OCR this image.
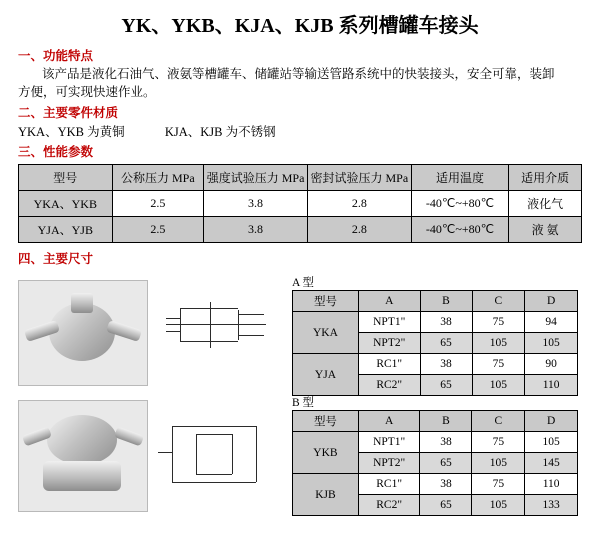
YK、YKB、KJA、KJB 系列槽罐车接头
一、功能特点
该产品是液化石油气、液氨等槽罐车、储罐站等输送管路系统中的快装接头，安全可靠，装卸
方便，可实现快速作业。
二、主要零件材质
YKA、YKB 为黄铜	KJA、KJB 为不锈钢
三、性能参数
型号	公称压力 MPa	强度试验压力 MPa	密封试验压力 MPa	适用温度	适用介质
YKA、YKB	2.5	3.8	2.8	-40℃~+80℃	液化气
YJA、YJB	2.5	3.8	2.8	-40℃~+80℃	液 氨
四、主要尺寸
A 型
型号	A	B	C	D
YKA	NPT1"	38	75	94
	NPT2"	65	105	105
YJA	RC1"	38	75	90
	RC2"	65	105	110
B 型
型号	A	B	C	D
YKB	NPT1"	38	75	105
	NPT2"	65	105	145
KJB	RC1"	38	75	110
	RC2"	65	105	133
